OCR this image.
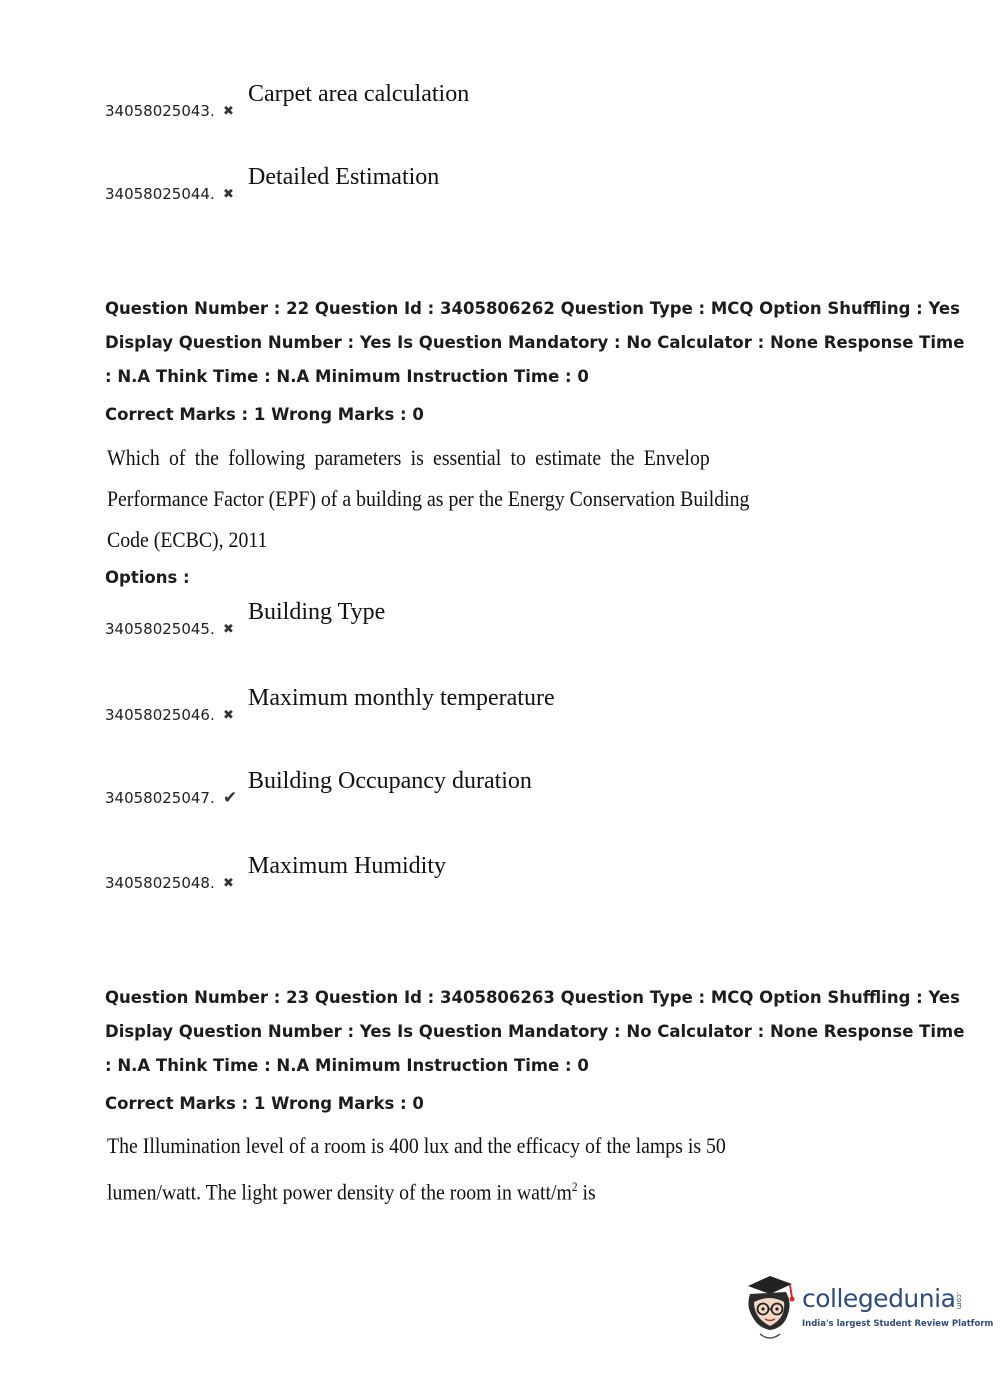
34058025043. ✖
Carpet area calculation
34058025044. ✖
Detailed Estimation
Question Number : 22 Question Id : 3405806262 Question Type : MCQ Option Shuffling : Yes
Display Question Number : Yes Is Question Mandatory : No Calculator : None Response Time
: N.A Think Time : N.A Minimum Instruction Time : 0
Correct Marks : 1 Wrong Marks : 0
Which of the following parameters is essential to estimate the Envelop
Performance Factor (EPF) of a building as per the Energy Conservation Building
Code (ECBC), 2011
Options :
34058025045. ✖
Building Type
34058025046. ✖
Maximum monthly temperature
34058025047. ✔
Building Occupancy duration
34058025048. ✖
Maximum Humidity
Question Number : 23 Question Id : 3405806263 Question Type : MCQ Option Shuffling : Yes
Display Question Number : Yes Is Question Mandatory : No Calculator : None Response Time
: N.A Think Time : N.A Minimum Instruction Time : 0
Correct Marks : 1 Wrong Marks : 0
The Illumination level of a room is 400 lux and the efficacy of the lamps is 50
lumen/watt. The light power density of the room in watt/$m^2$ is
collegedunia .com
India's largest Student Review Platform
